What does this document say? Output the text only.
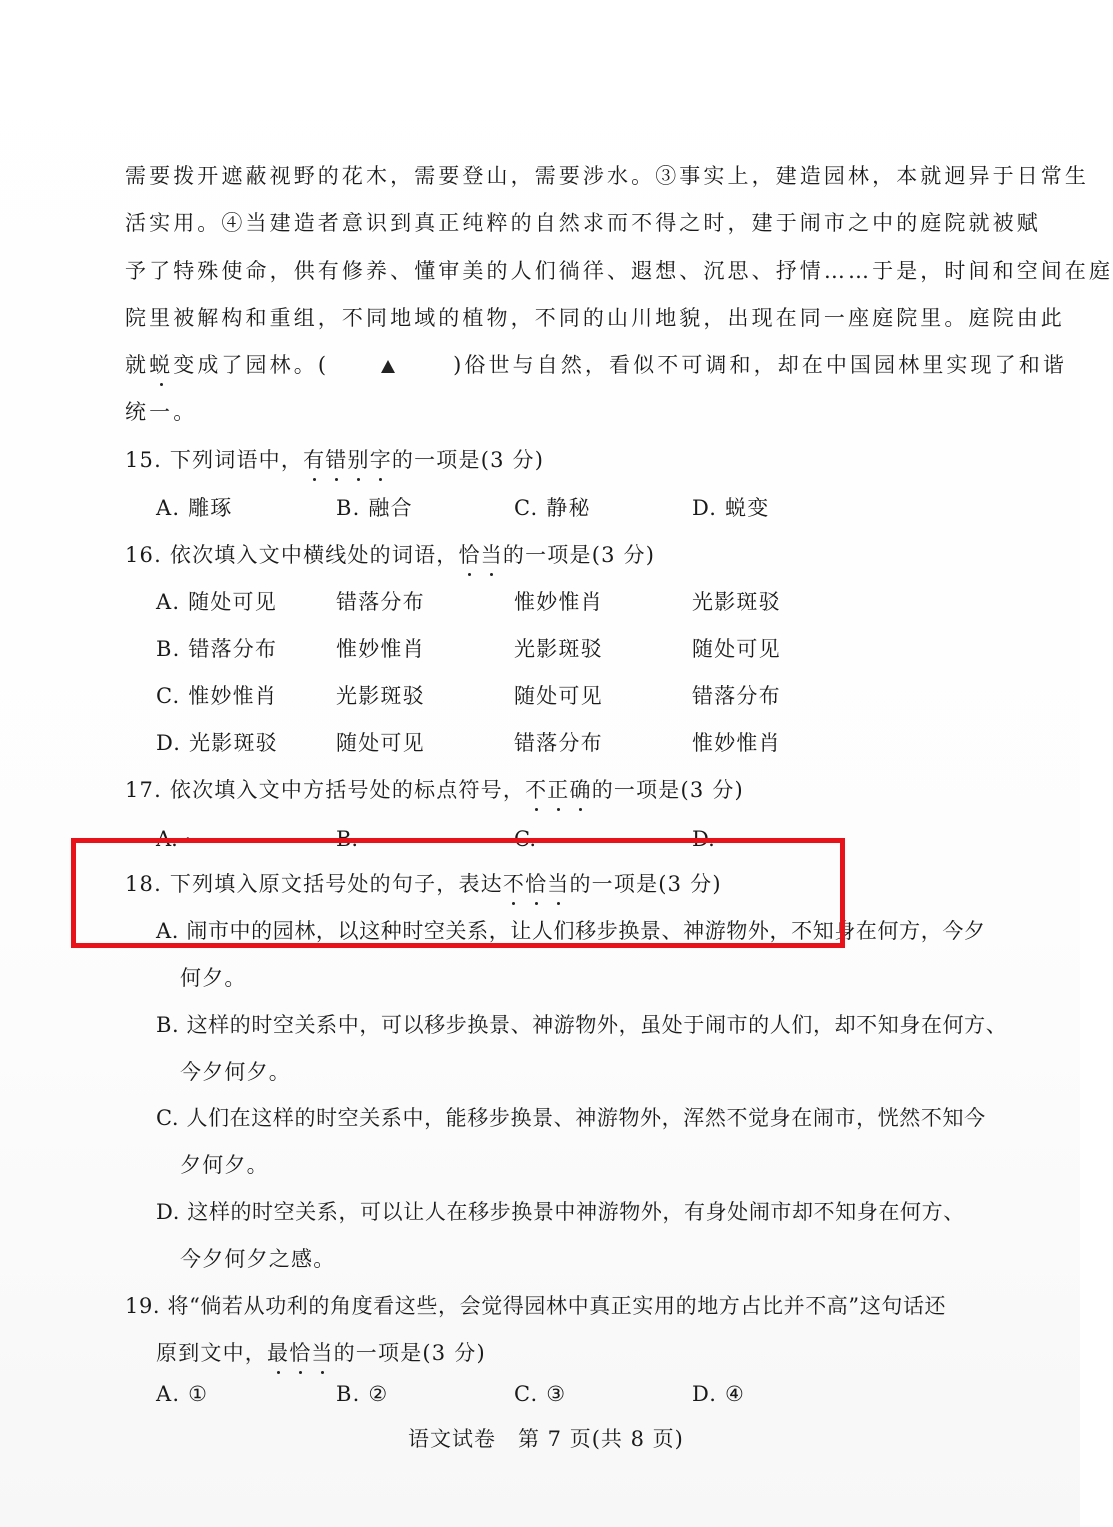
需要拨开遮蔽视野的花木，需要登山，需要涉水。③事实上，建造园林，本就迥异于日常生
活实用。④当建造者意识到真正纯粹的自然求而不得之时，建于闹市之中的庭院就被赋
予了特殊使命，供有修养、懂审美的人们徜徉、遐想、沉思、抒情……于是，时间和空间在庭
院里被解构和重组，不同地域的植物，不同的山川地貌，出现在同一座庭院里。庭院由此
就蜕变成了园林。(	)俗世与自然，看似不可调和，却在中国园林里实现了和谐
统一。
15. 下列词语中，有错别字的一项是(3 分)
A. 雕琢	B. 融合	C. 静秘	D. 蜕变
16. 依次填入文中横线处的词语，恰当的一项是(3 分)
A. 随处可见	错落分布	惟妙惟肖	光影斑驳
B. 错落分布	惟妙惟肖	光影斑驳	随处可见
C. 惟妙惟肖	光影斑驳	随处可见	错落分布
D. 光影斑驳	随处可见	错落分布	惟妙惟肖
17. 依次填入文中方括号处的标点符号，不正确的一项是(3 分)
A. ·	B.	C.	D.
18. 下列填入原文括号处的句子，表达不恰当的一项是(3 分)
A. 闹市中的园林，以这种时空关系，让人们移步换景、神游物外，不知身在何方，今夕
何夕。
B. 这样的时空关系中，可以移步换景、神游物外，虽处于闹市的人们，却不知身在何方、
今夕何夕。
C. 人们在这样的时空关系中，能移步换景、神游物外，浑然不觉身在闹市，恍然不知今
夕何夕。
D. 这样的时空关系，可以让人在移步换景中神游物外，有身处闹市却不知身在何方、
今夕何夕之感。
19. 将“倘若从功利的角度看这些，会觉得园林中真正实用的地方占比并不高”这句话还
原到文中，最恰当的一项是(3 分)
A. ①	B. ②	C. ③	D. ④
语文试卷　第 7 页(共 8 页)
